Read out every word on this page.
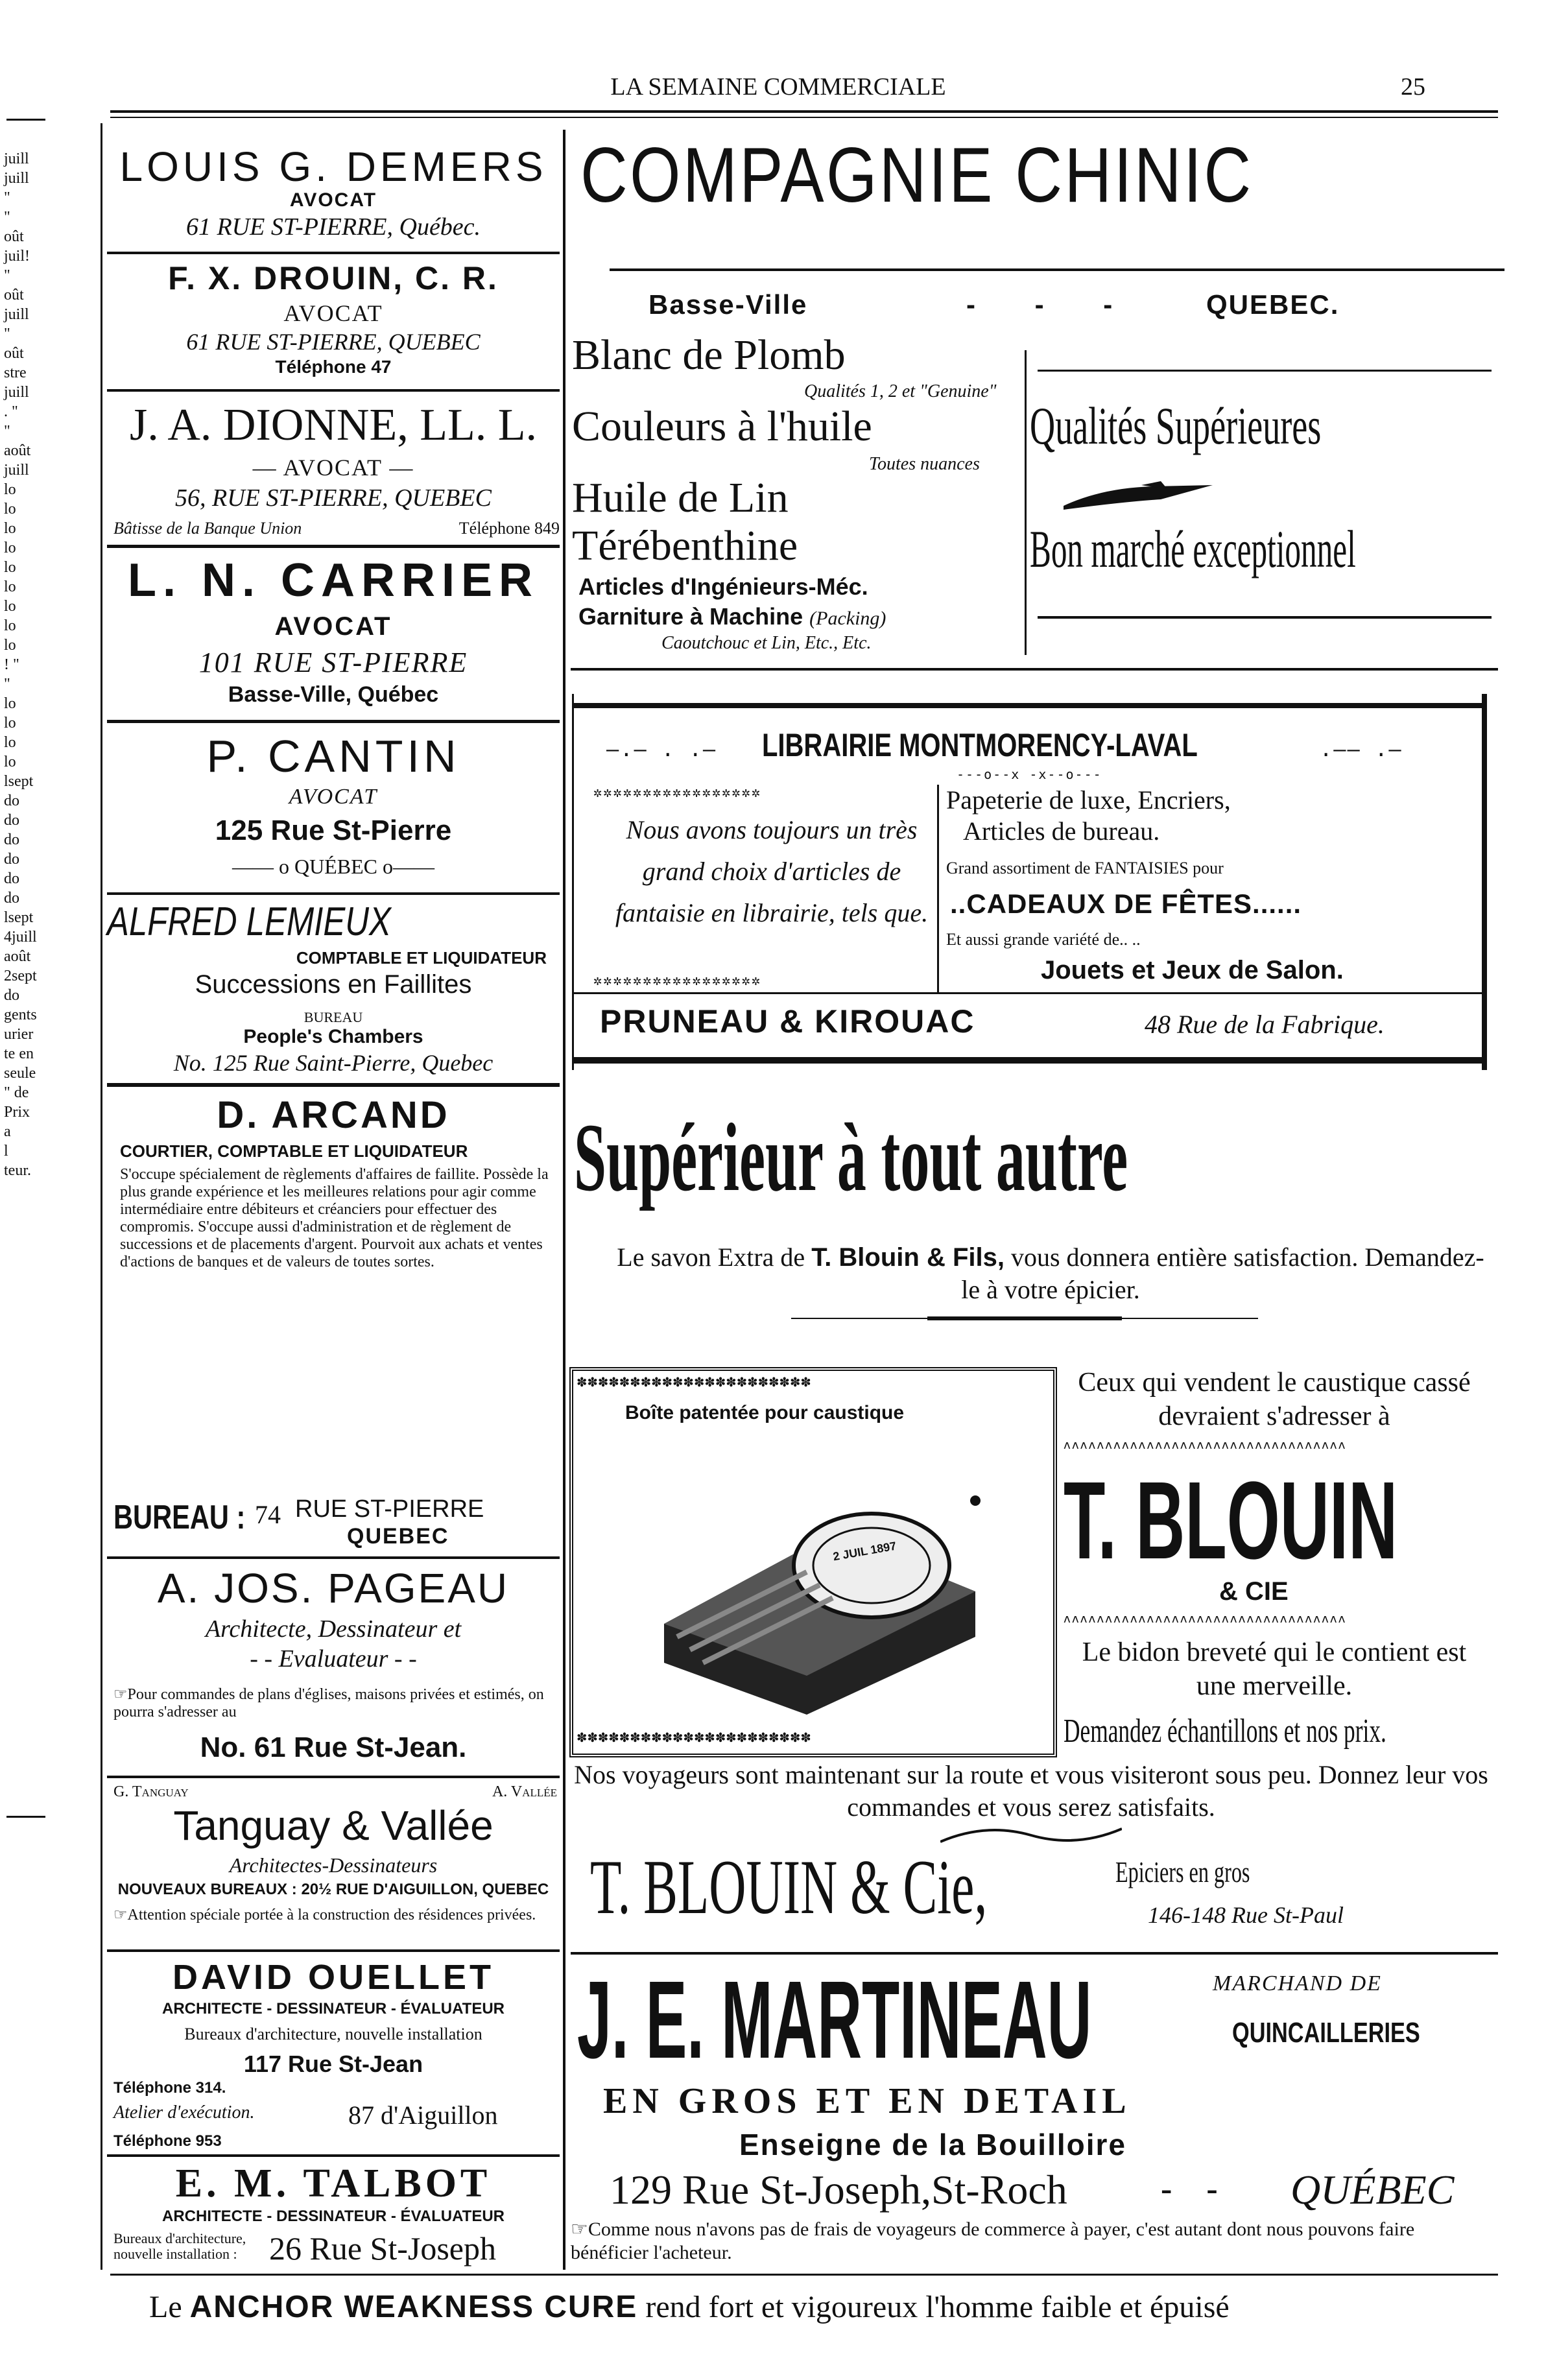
LA SEMAINE COMMERCIALE	25
juill
juill
"
"
oût
juil!
"
oût
juill
"
oût
stre
juill
. "
"
août
juill
lo
lo
lo
lo
lo
lo
lo
lo
lo
! "
"
lo
lo
lo
lo
lsept
do
do
do
do
do
do
lsept
4juill
août
2sept
do
gents
urier
te en
seule
" de
Prix
a
l
teur.
LOUIS G. DEMERS
AVOCAT
61 RUE ST-PIERRE, Québec.
F. X. DROUIN, C. R.
AVOCAT
61 RUE ST-PIERRE, QUEBEC
Téléphone 47
J. A. DIONNE, LL. L.
— AVOCAT —
56, RUE ST-PIERRE, QUEBEC
Bâtisse de la Banque Union	Téléphone 849
L. N. CARRIER
AVOCAT
101 RUE ST-PIERRE
Basse-Ville, Québec
P. CANTIN
AVOCAT
125 Rue St-Pierre
—— o QUÉBEC o——
ALFRED LEMIEUX
COMPTABLE ET LIQUIDATEUR
Successions en Faillites
BUREAU
People's Chambers
No. 125 Rue Saint-Pierre, Quebec
D. ARCAND
COURTIER, COMPTABLE ET LIQUIDATEUR
S'occupe spécialement de règlements d'affaires de faillite. Possède la plus grande expérience et les meilleures relations pour agir comme intermédiaire entre débiteurs et créanciers pour effectuer des compromis. S'occupe aussi d'administration et de règlement de successions et de placements d'argent. Pourvoit aux achats et ventes d'actions de banques et de valeurs de toutes sortes.
BUREAU : 74 RUE ST-PIERRE
QUEBEC
A. JOS. PAGEAU
Architecte, Dessinateur et
- - Evaluateur - -
☞Pour commandes de plans d'églises, maisons privées et estimés, on pourra s'adresser au
No. 61 Rue St-Jean.
G. Tanguay	A. Vallée
Tanguay & Vallée
Architectes-Dessinateurs
NOUVEAUX BUREAUX : 20½ RUE D'AIGUILLON, QUEBEC
☞Attention spéciale portée à la construction des résidences privées.
DAVID OUELLET
ARCHITECTE - DESSINATEUR - ÉVALUATEUR
Bureaux d'architecture, nouvelle installation
117 Rue St-Jean
Téléphone 314.
Atelier d'exécution.	87 d'Aiguillon
Téléphone 953
E. M. TALBOT
ARCHITECTE - DESSINATEUR - ÉVALUATEUR
Bureaux d'architecture, nouvelle installation : 26 Rue St-Joseph
COMPAGNIE CHINIC
Basse-Ville	- - - QUEBEC.
Blanc de Plomb
Qualités 1, 2 et "Genuine"
Couleurs à l'huile
Toutes nuances
Huile de Lin
Térébenthine
Articles d'Ingénieurs-Méc.
Garniture à Machine (Packing)
Caoutchouc et Lin, Etc., Etc.
Qualités Supérieures
Bon marché exceptionnel
—.— . .— LIBRAIRIE MONTMORENCY-LAVAL	.—— .—
✲✲✲✲✲✲✲✲✲✲✲✲✲✲✲✲✲
---o--x -x--o---
Nous avons toujours un très grand choix d'articles de fantaisie en librairie, tels que.
✲✲✲✲✲✲✲✲✲✲✲✲✲✲✲✲✲
Papeterie de luxe, Encriers,
Articles de bureau.
Grand assortiment de FANTAISIES pour
..CADEAUX DE FÊTES......
Et aussi grande variété de.. ..
Jouets et Jeux de Salon.
PRUNEAU & KIROUAC	48 Rue de la Fabrique.
Supérieur à tout autre
Le savon Extra de T. Blouin & Fils, vous donnera entière satisfaction. Demandez-le à votre épicier.
✽✽✽✽✽✽✽✽✽✽✽✽✽✽✽✽✽✽✽✽✽✽
Boîte patentée pour caustique
2 JUIL 1897
✽✽✽✽✽✽✽✽✽✽✽✽✽✽✽✽✽✽✽✽✽✽
Ceux qui vendent le caustique cassé devraient s'adresser à
ʌʌʌʌʌʌʌʌʌʌʌʌʌʌʌʌʌʌʌʌʌʌʌʌʌʌʌʌʌʌʌʌʌʌ
T. BLOUIN
& CIE
ʌʌʌʌʌʌʌʌʌʌʌʌʌʌʌʌʌʌʌʌʌʌʌʌʌʌʌʌʌʌʌʌʌʌ
Le bidon breveté qui le contient est une merveille.
Demandez échantillons et nos prix.
Nos voyageurs sont maintenant sur la route et vous visiteront sous peu. Donnez leur vos commandes et vous serez satisfaits.
T. BLOUIN & Cie,	Epiciers en gros
146-148 Rue St-Paul
J. E. MARTINEAU	MARCHAND DE
QUINCAILLERIES
EN GROS ET EN DETAIL
Enseigne de la Bouilloire
129 Rue St-Joseph,St-Roch	- - QUÉBEC
☞Comme nous n'avons pas de frais de voyageurs de commerce à payer, c'est autant dont nous pouvons faire bénéficier l'acheteur.
Le ANCHOR WEAKNESS CURE rend fort et vigoureux l'homme faible et épuisé
